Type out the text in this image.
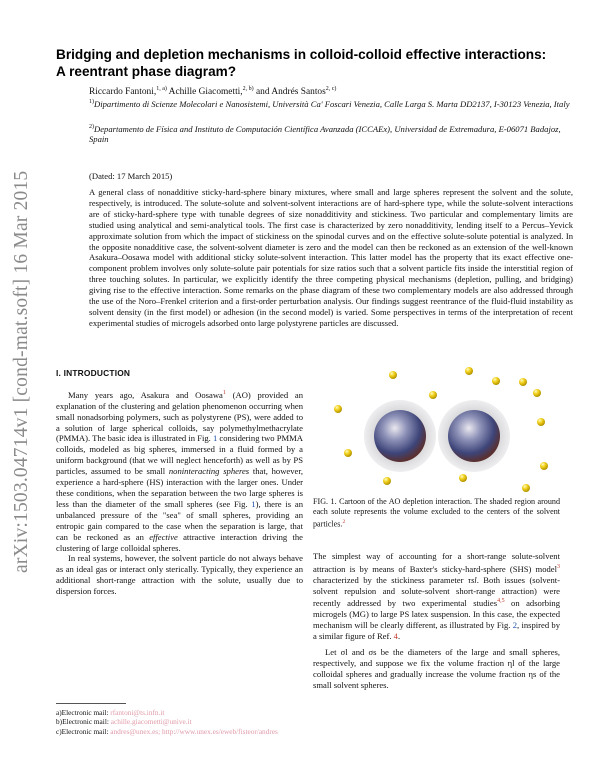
arXiv:1503.04714v1 [cond-mat.soft] 16 Mar 2015
Bridging and depletion mechanisms in colloid-colloid effective interactions: A reentrant phase diagram?
Riccardo Fantoni,$^{1, a)}$ Achille Giacometti,$^{2, b)}$ and Andrés Santos$^{2, c)}$
$^{1)}$Dipartimento di Scienze Molecolari e Nanosistemi, Università Ca' Foscari Venezia, Calle Larga S. Marta DD2137, I-30123 Venezia, Italy
$^{2)}$Departamento de Física and Instituto de Computación Científica Avanzada (ICCAEx), Universidad de Extremadura, E-06071 Badajoz, Spain
(Dated: 17 March 2015)
A general class of nonadditive sticky-hard-sphere binary mixtures, where small and large spheres represent the solvent and the solute, respectively, is introduced. The solute-solute and solvent-solvent interactions are of hard-sphere type, while the solute-solvent interactions are of sticky-hard-sphere type with tunable degrees of size nonadditivity and stickiness. Two particular and complementary limits are studied using analytical and semi-analytical tools. The first case is characterized by zero nonadditivity, lending itself to a Percus–Yevick approximate solution from which the impact of stickiness on the spinodal curves and on the effective solute-solute potential is analyzed. In the opposite nonadditive case, the solvent-solvent diameter is zero and the model can then be reckoned as an extension of the well-known Asakura–Oosawa model with additional sticky solute-solvent interaction. This latter model has the property that its exact effective one-component problem involves only solute-solute pair potentials for size ratios such that a solvent particle fits inside the interstitial region of three touching solutes. In particular, we explicitly identify the three competing physical mechanisms (depletion, pulling, and bridging) giving rise to the effective interaction. Some remarks on the phase diagram of these two complementary models are also addressed through the use of the Noro–Frenkel criterion and a first-order perturbation analysis. Our findings suggest reentrance of the fluid-fluid instability as solvent density (in the first model) or adhesion (in the second model) is varied. Some perspectives in terms of the interpretation of recent experimental studies of microgels adsorbed onto large polystyrene particles are discussed.
I. INTRODUCTION

Many years ago, Asakura and Oosawa$^1$ (AO) provided an explanation of the clustering and gelation phenomenon occurring when small nonadsorbing polymers, such as polystyrene (PS), were added to a solution of large spherical colloids, say polymethylmethacrylate (PMMA). The basic idea is illustrated in Fig. 1 considering two PMMA colloids, modeled as big spheres, immersed in a fluid formed by a uniform background (that we will neglect henceforth) as well as by PS particles, assumed to be small noninteracting spheres that, however, experience a hard-sphere (HS) interaction with the larger ones. Under these conditions, when the separation between the two large spheres is less than the diameter of the small spheres (see Fig. 1), there is an unbalanced pressure of the "sea" of small spheres, providing an entropic gain compared to the case when the separation is large, that can be reckoned as an effective attractive interaction driving the clustering of large colloidal spheres.

In real systems, however, the solvent particle do not always behave as an ideal gas or interact only sterically. Typically, they experience an additional short-range attraction with the solute, usually due to dispersion forces.

FIG. 1. Cartoon of the AO depletion interaction. The shaded region around each solute represents the volume excluded to the centers of the solvent particles.$^2$

The simplest way of accounting for a short-range solute-solvent attraction is by means of Baxter's sticky-hard-sphere (SHS) model$^3$ characterized by the stickiness parameter τsl. Both issues (solvent-solvent repulsion and solute-solvent short-range attraction) were recently addressed by two experimental studies$^{4,5}$ on adsorbing microgels (MG) to large PS latex suspension. In this case, the expected mechanism will be clearly different, as illustrated by Fig. 2, inspired by a similar figure of Ref. 4.

Let σl and σs be the diameters of the large and small spheres, respectively, and suppose we fix the volume fraction ηl of the large colloidal spheres and gradually increase the volume fraction ηs of the small solvent spheres.

a)Electronic mail: rfantoni@ts.infn.it

b)Electronic mail: achille.giacometti@unive.it

c)Electronic mail: andres@unex.es; http://www.unex.es/eweb/fisteor/andres
